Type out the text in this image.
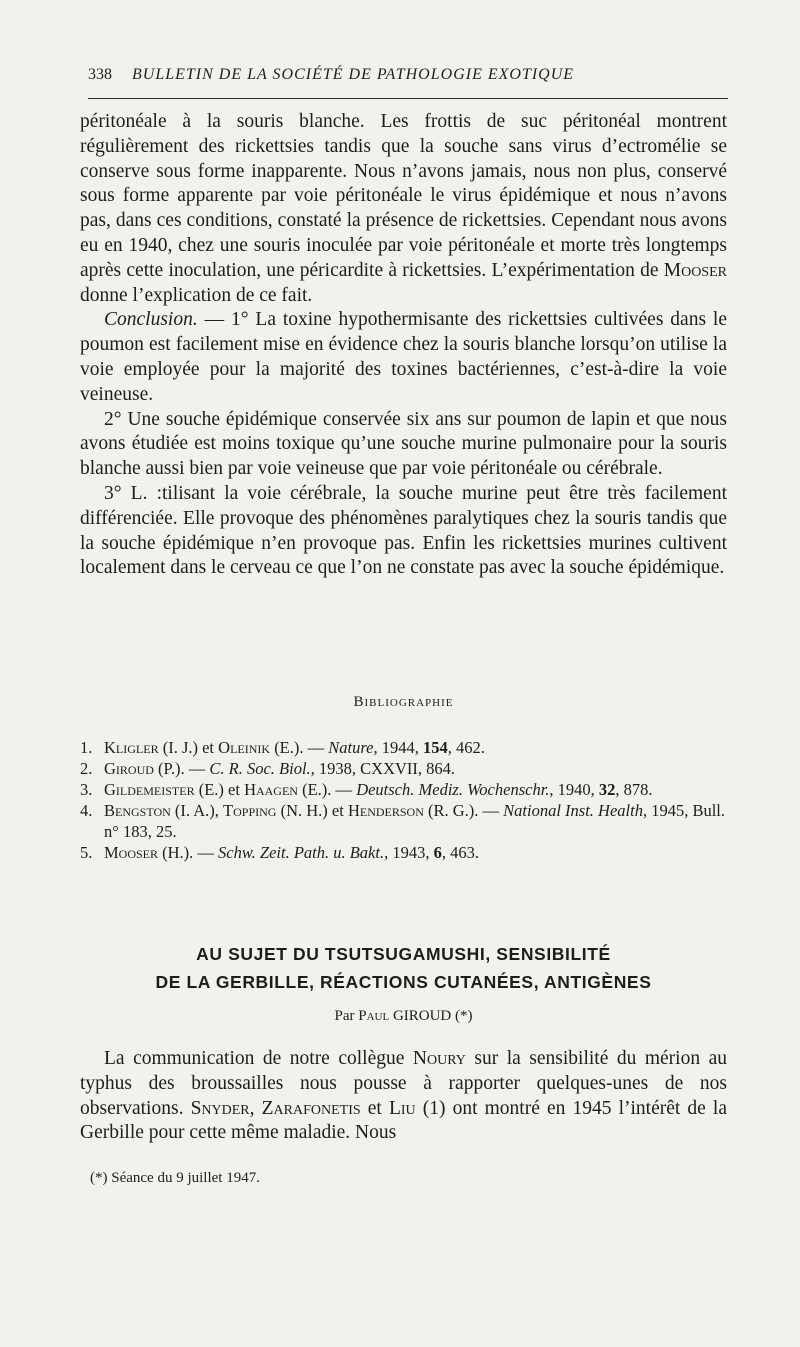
338 BULLETIN DE LA SOCIÉTÉ DE PATHOLOGIE EXOTIQUE

péritonéale à la souris blanche. Les frottis de suc péritonéal montrent régulièrement des rickettsies tandis que la souche sans virus d’ectromélie se conserve sous forme inapparente. Nous n’avons jamais, nous non plus, conservé sous forme apparente par voie péritonéale le virus épidémique et nous n’avons pas, dans ces conditions, constaté la présence de rickettsies. Cependant nous avons eu en 1940, chez une souris inoculée par voie péritonéale et morte très longtemps après cette inoculation, une péricardite à rickettsies. L’expérimentation de Mooser donne l’explication de ce fait.

Conclusion. — 1° La toxine hypothermisante des rickettsies cultivées dans le poumon est facilement mise en évidence chez la souris blanche lorsqu’on utilise la voie employée pour la majorité des toxines bactériennes, c’est-à-dire la voie veineuse.

2° Une souche épidémique conservée six ans sur poumon de lapin et que nous avons étudiée est moins toxique qu’une souche murine pulmonaire pour la souris blanche aussi bien par voie veineuse que par voie péritonéale ou cérébrale.

3° L. :tilisant la voie cérébrale, la souche murine peut être très facilement différenciée. Elle provoque des phénomènes paralytiques chez la souris tandis que la souche épidémique n’en provoque pas. Enfin les rickettsies murines cultivent localement dans le cerveau ce que l’on ne constate pas avec la souche épidémique.

Bibliographie
1. Kligler (I. J.) et Oleinik (E.). — Nature, 1944, 154, 462.
2. Giroud (P.). — C. R. Soc. Biol., 1938, CXXVII, 864.
3. Gildemeister (E.) et Haagen (E.). — Deutsch. Mediz. Wochenschr., 1940, 32, 878.
4. Bengston (I. A.), Topping (N. H.) et Henderson (R. G.). — National Inst. Health, 1945, Bull. n° 183, 25.
5. Mooser (H.). — Schw. Zeit. Path. u. Bakt., 1943, 6, 463.
AU SUJET DU TSUTSUGAMUSHI, SENSIBILITÉ
DE LA GERBILLE, RÉACTIONS CUTANÉES, ANTIGÈNES
Par Paul GIROUD (*)

La communication de notre collègue Noury sur la sensibilité du mérion au typhus des broussailles nous pousse à rapporter quelques-unes de nos observations. Snyder, Zarafonetis et Liu (1) ont montré en 1945 l’intérêt de la Gerbille pour cette même maladie. Nous

(*) Séance du 9 juillet 1947.
